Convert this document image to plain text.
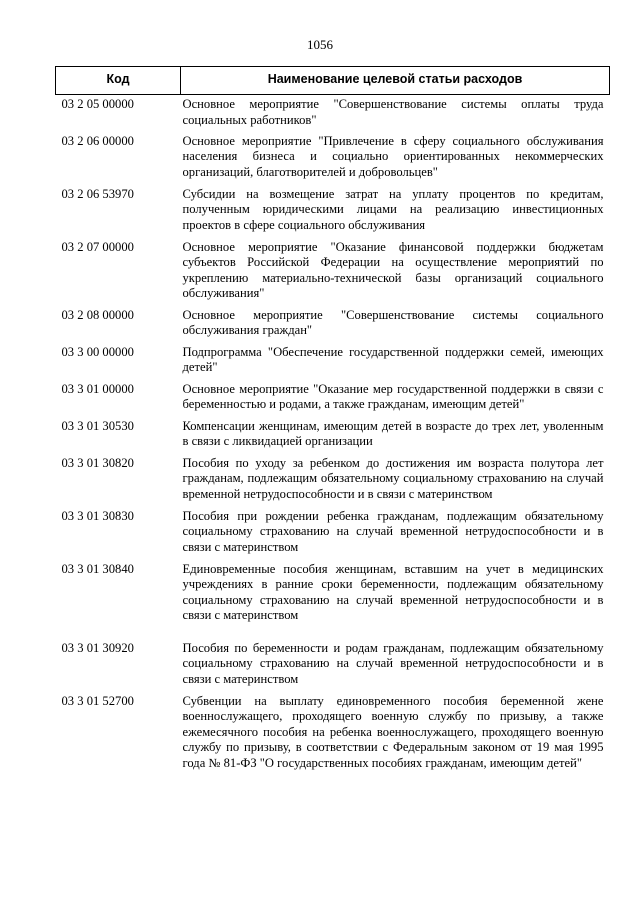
1056
Код	Наименование целевой статьи расходов
03 2 05 00000	Основное мероприятие "Совершенствование системы оплаты труда социальных работников"
03 2 06 00000	Основное мероприятие "Привлечение в сферу социального обслуживания населения бизнеса и социально ориентированных некоммерческих организаций, благотворителей и добровольцев"
03 2 06 53970	Субсидии на возмещение затрат на уплату процентов по кредитам, полученным юридическими лицами на реализацию инвестиционных проектов в сфере социального обслуживания
03 2 07 00000	Основное мероприятие "Оказание финансовой поддержки бюджетам субъектов Российской Федерации на осуществление мероприятий по укреплению материально-технической базы организаций социального обслуживания"
03 2 08 00000	Основное мероприятие "Совершенствование системы социального обслуживания граждан"
03 3 00 00000	Подпрограмма "Обеспечение государственной поддержки семей, имеющих детей"
03 3 01 00000	Основное мероприятие "Оказание мер государственной поддержки в связи с беременностью и родами, а также гражданам, имеющим детей"
03 3 01 30530	Компенсации женщинам, имеющим детей в возрасте до трех лет, уволенным в связи с ликвидацией организации
03 3 01 30820	Пособия по уходу за ребенком до достижения им возраста полутора лет гражданам, подлежащим обязательному социальному страхованию на случай временной нетрудоспособности и в связи с материнством
03 3 01 30830	Пособия при рождении ребенка гражданам, подлежащим обязательному социальному страхованию на случай временной нетрудоспособности и в связи с материнством
03 3 01 30840	Единовременные пособия женщинам, вставшим на учет в медицинских учреждениях в ранние сроки беременности, подлежащим обязательному социальному страхованию на случай временной нетрудоспособности и в связи с материнством
03 3 01 30920	Пособия по беременности и родам гражданам, подлежащим обязательному социальному страхованию на случай временной нетрудоспособности и в связи с материнством
03 3 01 52700	Субвенции на выплату единовременного пособия беременной жене военнослужащего, проходящего военную службу по призыву, а также ежемесячного пособия на ребенка военнослужащего, проходящего военную службу по призыву, в соответствии с Федеральным законом от 19 мая 1995 года № 81-ФЗ "О государственных пособиях гражданам, имеющим детей"
